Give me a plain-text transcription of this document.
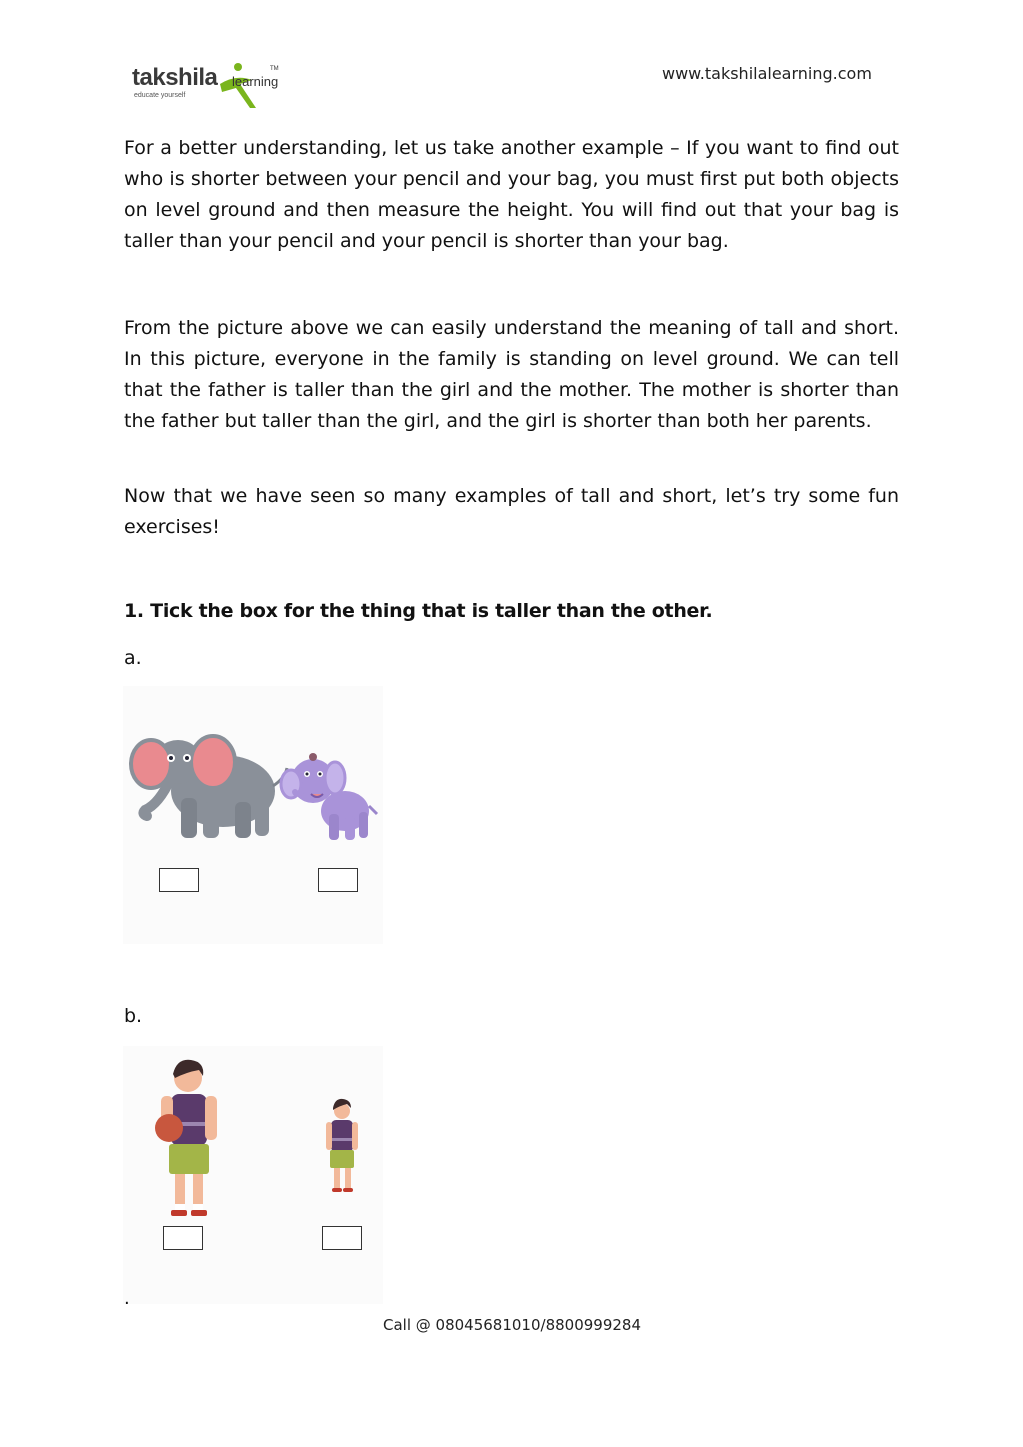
takshila learning
TM
educate yourself
www.takshilalearning.com

For a better understanding, let us take another example – If you want to find out who is shorter between your pencil and your bag, you must first put both objects on level ground and then measure the height. You will find out that your bag is taller than your pencil and your pencil is shorter than your bag.

From the picture above we can easily understand the meaning of tall and short. In this picture, everyone in the family is standing on level ground. We can tell that the father is taller than the girl and the mother. The mother is shorter than the father but taller than the girl, and the girl is shorter than both her parents.

Now that we have seen so many examples of tall and short, let’s try some fun exercises!

1. Tick the box for the thing that is taller than the other.

a.
b.
.
Call @ 08045681010/8800999284
